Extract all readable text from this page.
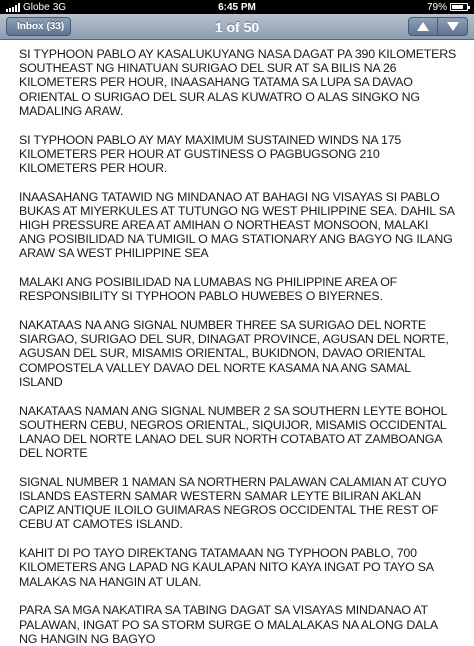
Globe 3G	6:45 PM	79%
Inbox (33)	1 of 50

SI TYPHOON PABLO AY KASALUKUYANG NASA DAGAT PA 390 KILOMETERS SOUTHEAST NG HINATUAN SURIGAO DEL SUR AT SA BILIS NA 26 KILOMETERS PER HOUR, INAASAHANG TATAMA SA LUPA SA DAVAO ORIENTAL O SURIGAO DEL SUR ALAS KUWATRO O ALAS SINGKO NG MADALING ARAW.

SI TYPHOON PABLO AY MAY MAXIMUM SUSTAINED WINDS NA 175 KILOMETERS PER HOUR AT GUSTINESS O PAGBUGSONG 210 KILOMETERS PER HOUR.

INAASAHANG TATAWID NG MINDANAO AT BAHAGI NG VISAYAS SI PABLO BUKAS AT MIYERKULES AT TUTUNGO NG WEST PHILIPPINE SEA. DAHIL SA HIGH PRESSURE AREA AT AMIHAN O NORTHEAST MONSOON, MALAKI ANG POSIBILIDAD NA TUMIGIL O MAG STATIONARY ANG BAGYO NG ILANG ARAW SA WEST PHILIPPINE SEA

MALAKI ANG POSIBILIDAD NA LUMABAS NG PHILIPPINE AREA OF RESPONSIBILITY SI TYPHOON PABLO HUWEBES O BIYERNES.

NAKATAAS NA ANG SIGNAL NUMBER THREE SA SURIGAO DEL NORTE SIARGAO, SURIGAO DEL SUR, DINAGAT PROVINCE, AGUSAN DEL NORTE, AGUSAN DEL SUR, MISAMIS ORIENTAL, BUKIDNON, DAVAO ORIENTAL COMPOSTELA VALLEY DAVAO DEL NORTE KASAMA NA ANG SAMAL ISLAND

NAKATAAS NAMAN ANG SIGNAL NUMBER 2 SA SOUTHERN LEYTE BOHOL SOUTHERN CEBU, NEGROS ORIENTAL, SIQUIJOR, MISAMIS OCCIDENTAL LANAO DEL NORTE LANAO DEL SUR NORTH COTABATO AT ZAMBOANGA DEL NORTE

SIGNAL NUMBER 1 NAMAN SA NORTHERN PALAWAN CALAMIAN AT CUYO ISLANDS EASTERN SAMAR WESTERN SAMAR LEYTE BILIRAN AKLAN CAPIZ ANTIQUE ILOILO GUIMARAS NEGROS OCCIDENTAL THE REST OF CEBU AT CAMOTES ISLAND.

KAHIT DI PO TAYO DIREKTANG TATAMAAN NG TYPHOON PABLO, 700 KILOMETERS ANG LAPAD NG KAULAPAN NITO KAYA INGAT PO TAYO SA MALAKAS NA HANGIN AT ULAN.

PARA SA MGA NAKATIRA SA TABING DAGAT SA VISAYAS MINDANAO AT PALAWAN, INGAT PO SA STORM SURGE O MALALAKAS NA ALONG DALA NG HANGIN NG BAGYO
